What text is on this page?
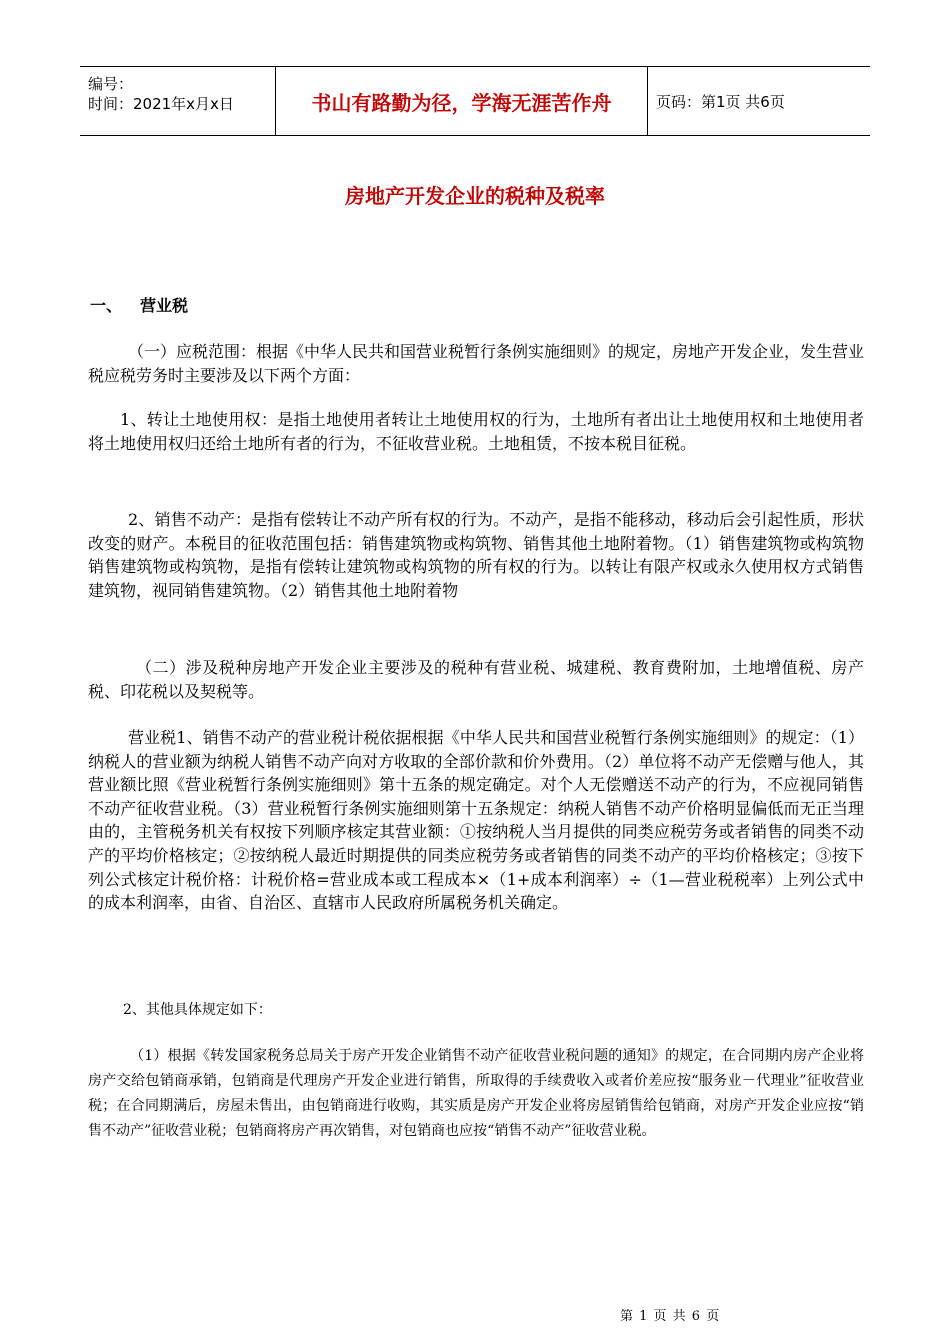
编号：
时间：2021年x月x日	书山有路勤为径，学海无涯苦作舟	页码：第1页 共6页
房地产开发企业的税种及税率
一、 营业税

（一）应税范围：根据《中华人民共和国营业税暂行条例实施细则》的规定，房地产开发企业，发生营业税应税劳务时主要涉及以下两个方面：

1、转让土地使用权：是指土地使用者转让土地使用权的行为，土地所有者出让土地使用权和土地使用者将土地使用权归还给土地所有者的行为，不征收营业税。土地租赁，不按本税目征税。

2、销售不动产：是指有偿转让不动产所有权的行为。不动产，是指不能移动，移动后会引起性质，形状改变的财产。本税目的征收范围包括：销售建筑物或构筑物、销售其他土地附着物。（1）销售建筑物或构筑物销售建筑物或构筑物，是指有偿转让建筑物或构筑物的所有权的行为。以转让有限产权或永久使用权方式销售建筑物，视同销售建筑物。（2）销售其他土地附着物

（二）涉及税种房地产开发企业主要涉及的税种有营业税、城建税、教育费附加，土地增值税、房产税、印花税以及契税等。

营业税1、销售不动产的营业税计税依据根据《中华人民共和国营业税暂行条例实施细则》的规定：（1）纳税人的营业额为纳税人销售不动产向对方收取的全部价款和价外费用。（2）单位将不动产无偿赠与他人，其营业额比照《营业税暂行条例实施细则》第十五条的规定确定。对个人无偿赠送不动产的行为，不应视同销售不动产征收营业税。（3）营业税暂行条例实施细则第十五条规定：纳税人销售不动产价格明显偏低而无正当理由的，主管税务机关有权按下列顺序核定其营业额：①按纳税人当月提供的同类应税劳务或者销售的同类不动产的平均价格核定；②按纳税人最近时期提供的同类应税劳务或者销售的同类不动产的平均价格核定；③按下列公式核定计税价格：计税价格=营业成本或工程成本×（1+成本利润率）÷（1—营业税税率）上列公式中的成本利润率，由省、自治区、直辖市人民政府所属税务机关确定。

2、其他具体规定如下：

（1）根据《转发国家税务总局关于房产开发企业销售不动产征收营业税问题的通知》的规定，在合同期内房产企业将房产交给包销商承销，包销商是代理房产开发企业进行销售，所取得的手续费收入或者价差应按“服务业－代理业”征收营业税；在合同期满后，房屋未售出，由包销商进行收购，其实质是房产开发企业将房屋销售给包销商，对房产开发企业应按“销售不动产”征收营业税；包销商将房产再次销售，对包销商也应按“销售不动产”征收营业税。

第 1 页 共 6 页
